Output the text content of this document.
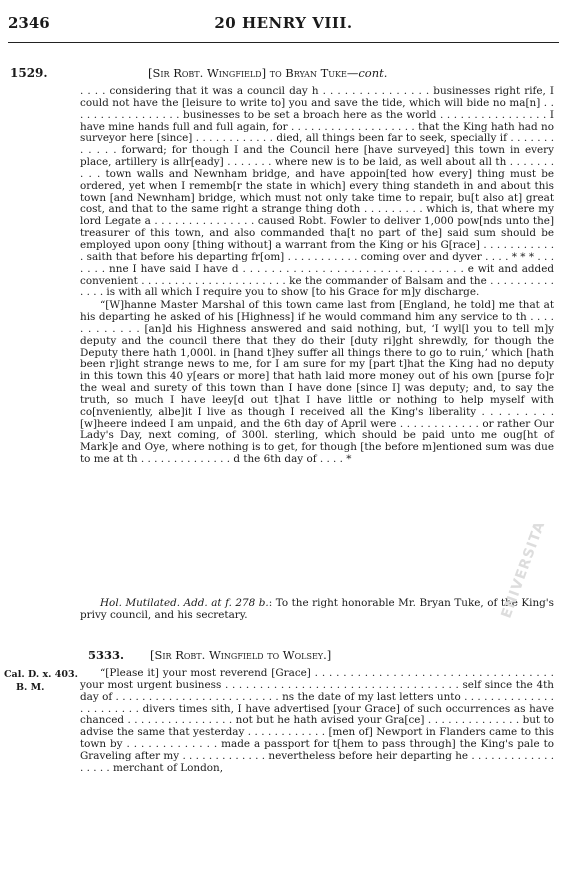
2346	20 HENRY VIII.
1529.	[Sir Robt. Wingfield] to Bryan Tuke—cont.

. . . . considering that it was a council day h . . . . . . . . . . . . . . . businesses right rife, I could not have the [leisure to write to] you and save the tide, which will bide no ma[n] . . . . . . . . . . . . . . . . . businesses to be set a broach here as the world . . . . . . . . . . . . . . . . I have mine hands full and full again, for . . . . . . . . . . . . . . . . . . . that the King hath had no surveyor here [since] . . . . . . . . . . . . died, all things been far to seek, specially if . . . . . . . . . . . . forward; for though I and the Council here [have surveyed] this town in every place, artillery is allr[eady] . . . . . . . where new is to be laid, as well about all th . . . . . . . . . . town walls and Newnham bridge, and have appoin[ted how every] thing must be ordered, yet when I rememb[r the state in which] every thing standeth in and about this town [and Newnham] bridge, which must not only take time to repair, bu[t also at] great cost, and that to the same right a strange thing doth . . . . . . . . . which is, that where my lord Legate a . . . . . . . . . . . . . . . caused Robt. Fowler to deliver 1,000 pow[nds unto the] treasurer of this town, and also commanded tha[t no part of the] said sum should be employed upon oony [thing without] a warrant from the King or his G[race] . . . . . . . . . . . . saith that before his departing fr[om] . . . . . . . . . . . coming over and dyver . . . . * * * . . . . . . . nne I have said I have d . . . . . . . . . . . . . . . . . . . . . . . . . . . . . . . e wit and added convenient . . . . . . . . . . . . . . . . . . . . . . ke the commander of Balsam and the . . . . . . . . . . . . . . is with all which I require you to show [to his Grace for m]y discharge.

“[W]hanne Master Marshal of this town came last from [England, he told] me that at his departing he asked of his [Highness] if he would command him any service to th . . . . . . . . . . . . [an]d his Highness answered and said nothing, but, ‘I wyl[l you to tell m]y deputy and the council there that they do their [duty ri]ght shrewdly, for though the Deputy there hath 1,000l. in [hand t]hey suffer all things there to go to ruin,’ which [hath been r]ight strange news to me, for I am sure for my [part t]hat the King had no deputy in this town this 40 y[ears or more] that hath laid more money out of his own [purse fo]r the weal and surety of this town than I have done [since I] was deputy; and, to say the truth, so much I have leey[d out t]hat I have little or nothing to help myself with co[nveniently, albe]it I live as though I received all the King's liberality . . . . . . . . . [w]heere indeed I am unpaid, and the 6th day of April were . . . . . . . . . . . . or rather Our Lady's Day, next coming, of 300l. sterling, which should be paid unto me oug[ht of Mark]e and Oye, where nothing is to get, for though [the before m]entioned sum was due to me at th . . . . . . . . . . . . . . d the 6th day of . . . . *

Hol. Mutilated. Add. at f. 278 b.: To the right honorable Mr. Bryan Tuke, of the King's privy council, and his secretary.
5333. [Sir Robt. Wingfield to Wolsey.]
Cal. D. x. 403.
B. M.

“[Please it] your most reverend [Grace] . . . . . . . . . . . . . . . . . . . . . . . . . . . . . . . . . . your most urgent business . . . . . . . . . . . . . . . . . . . . . . . . . . . . . . . . . . self since the 4th day of . . . . . . . . . . . . . . . . . . . . . . . . . ns the date of my last letters unto . . . . . . . . . . . . . . . . . . . . . . . divers times sith, I have advertised [your Grace] of such occurrences as have chanced . . . . . . . . . . . . . . . . not but he hath avised your Gra[ce] . . . . . . . . . . . . . . but to advise the same that yesterday . . . . . . . . . . . . [men of] Newport in Flanders came to this town by . . . . . . . . . . . . . made a passport for t[hem to pass through] the King's pale to Graveling after my . . . . . . . . . . . . . nevertheless before heir departing he . . . . . . . . . . . . . . . . . . merchant of London,

ENIVERSITA
